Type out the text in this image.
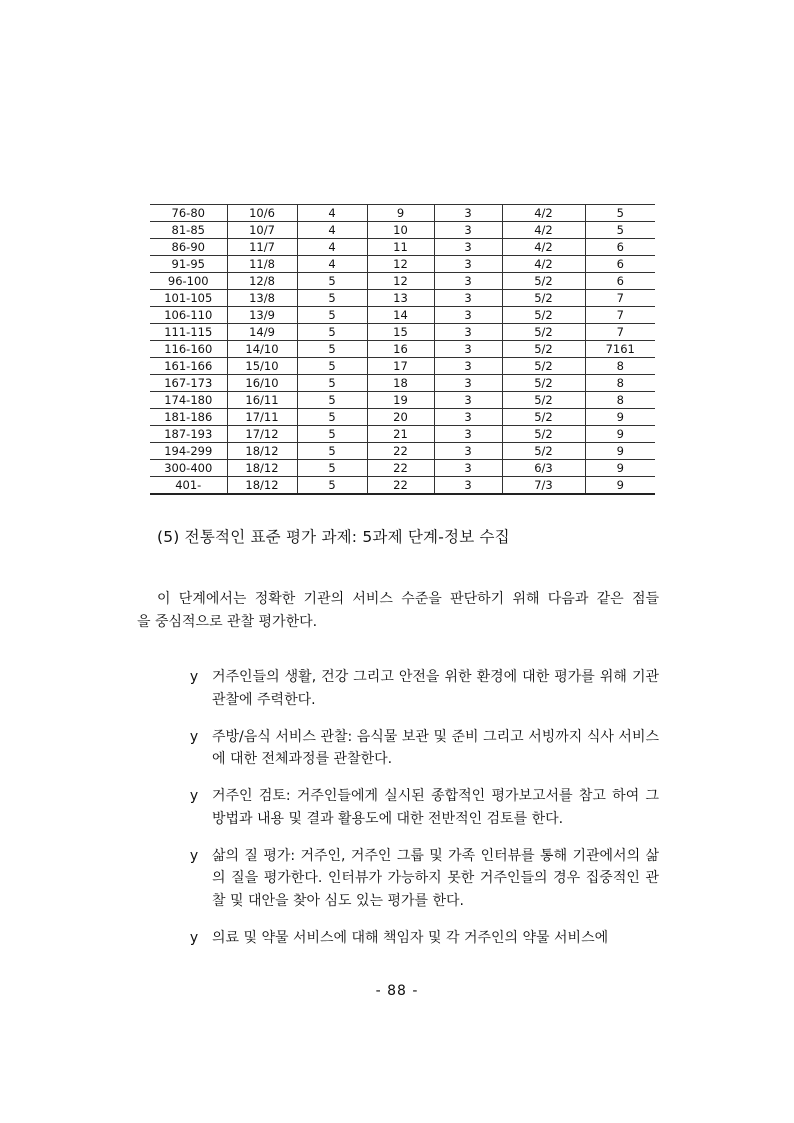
76-80	10/6	4	9	3	4/2	5
81-85	10/7	4	10	3	4/2	5
86-90	11/7	4	11	3	4/2	6
91-95	11/8	4	12	3	4/2	6
96-100	12/8	5	12	3	5/2	6
101-105	13/8	5	13	3	5/2	7
106-110	13/9	5	14	3	5/2	7
111-115	14/9	5	15	3	5/2	7
116-160	14/10	5	16	3	5/2	7161
161-166	15/10	5	17	3	5/2	8
167-173	16/10	5	18	3	5/2	8
174-180	16/11	5	19	3	5/2	8
181-186	17/11	5	20	3	5/2	9
187-193	17/12	5	21	3	5/2	9
194-299	18/12	5	22	3	5/2	9
300-400	18/12	5	22	3	6/3	9
401-	18/12	5	22	3	7/3	9
(5) 전통적인 표준 평가 과제: 5과제 단계-정보 수집

이 단계에서는 정확한 기관의 서비스 수준을 판단하기 위해 다음과 같은 점들
을 중심적으로 관찰 평가한다.

y 거주인들의 생활, 건강 그리고 안전을 위한 환경에 대한 평가를 위해 기관 관찰에 주력한다.
y 주방/음식 서비스 관찰: 음식물 보관 및 준비 그리고 서빙까지 식사 서비스에 대한 전체과정를 관찰한다.
y 거주인 검토: 거주인들에게 실시된 종합적인 평가보고서를 참고 하여 그 방법과 내용 및 결과 활용도에 대한 전반적인 검토를 한다.
y 삶의 질 평가: 거주인, 거주인 그룹 및 가족 인터뷰를 통해 기관에서의 삶의 질을 평가한다. 인터뷰가 가능하지 못한 거주인들의 경우 집중적인 관찰 및 대안을 찾아 심도 있는 평가를 한다.
y 의료 및 약물 서비스에 대해 책임자 및 각 거주인의 약물 서비스에
- 88 -
